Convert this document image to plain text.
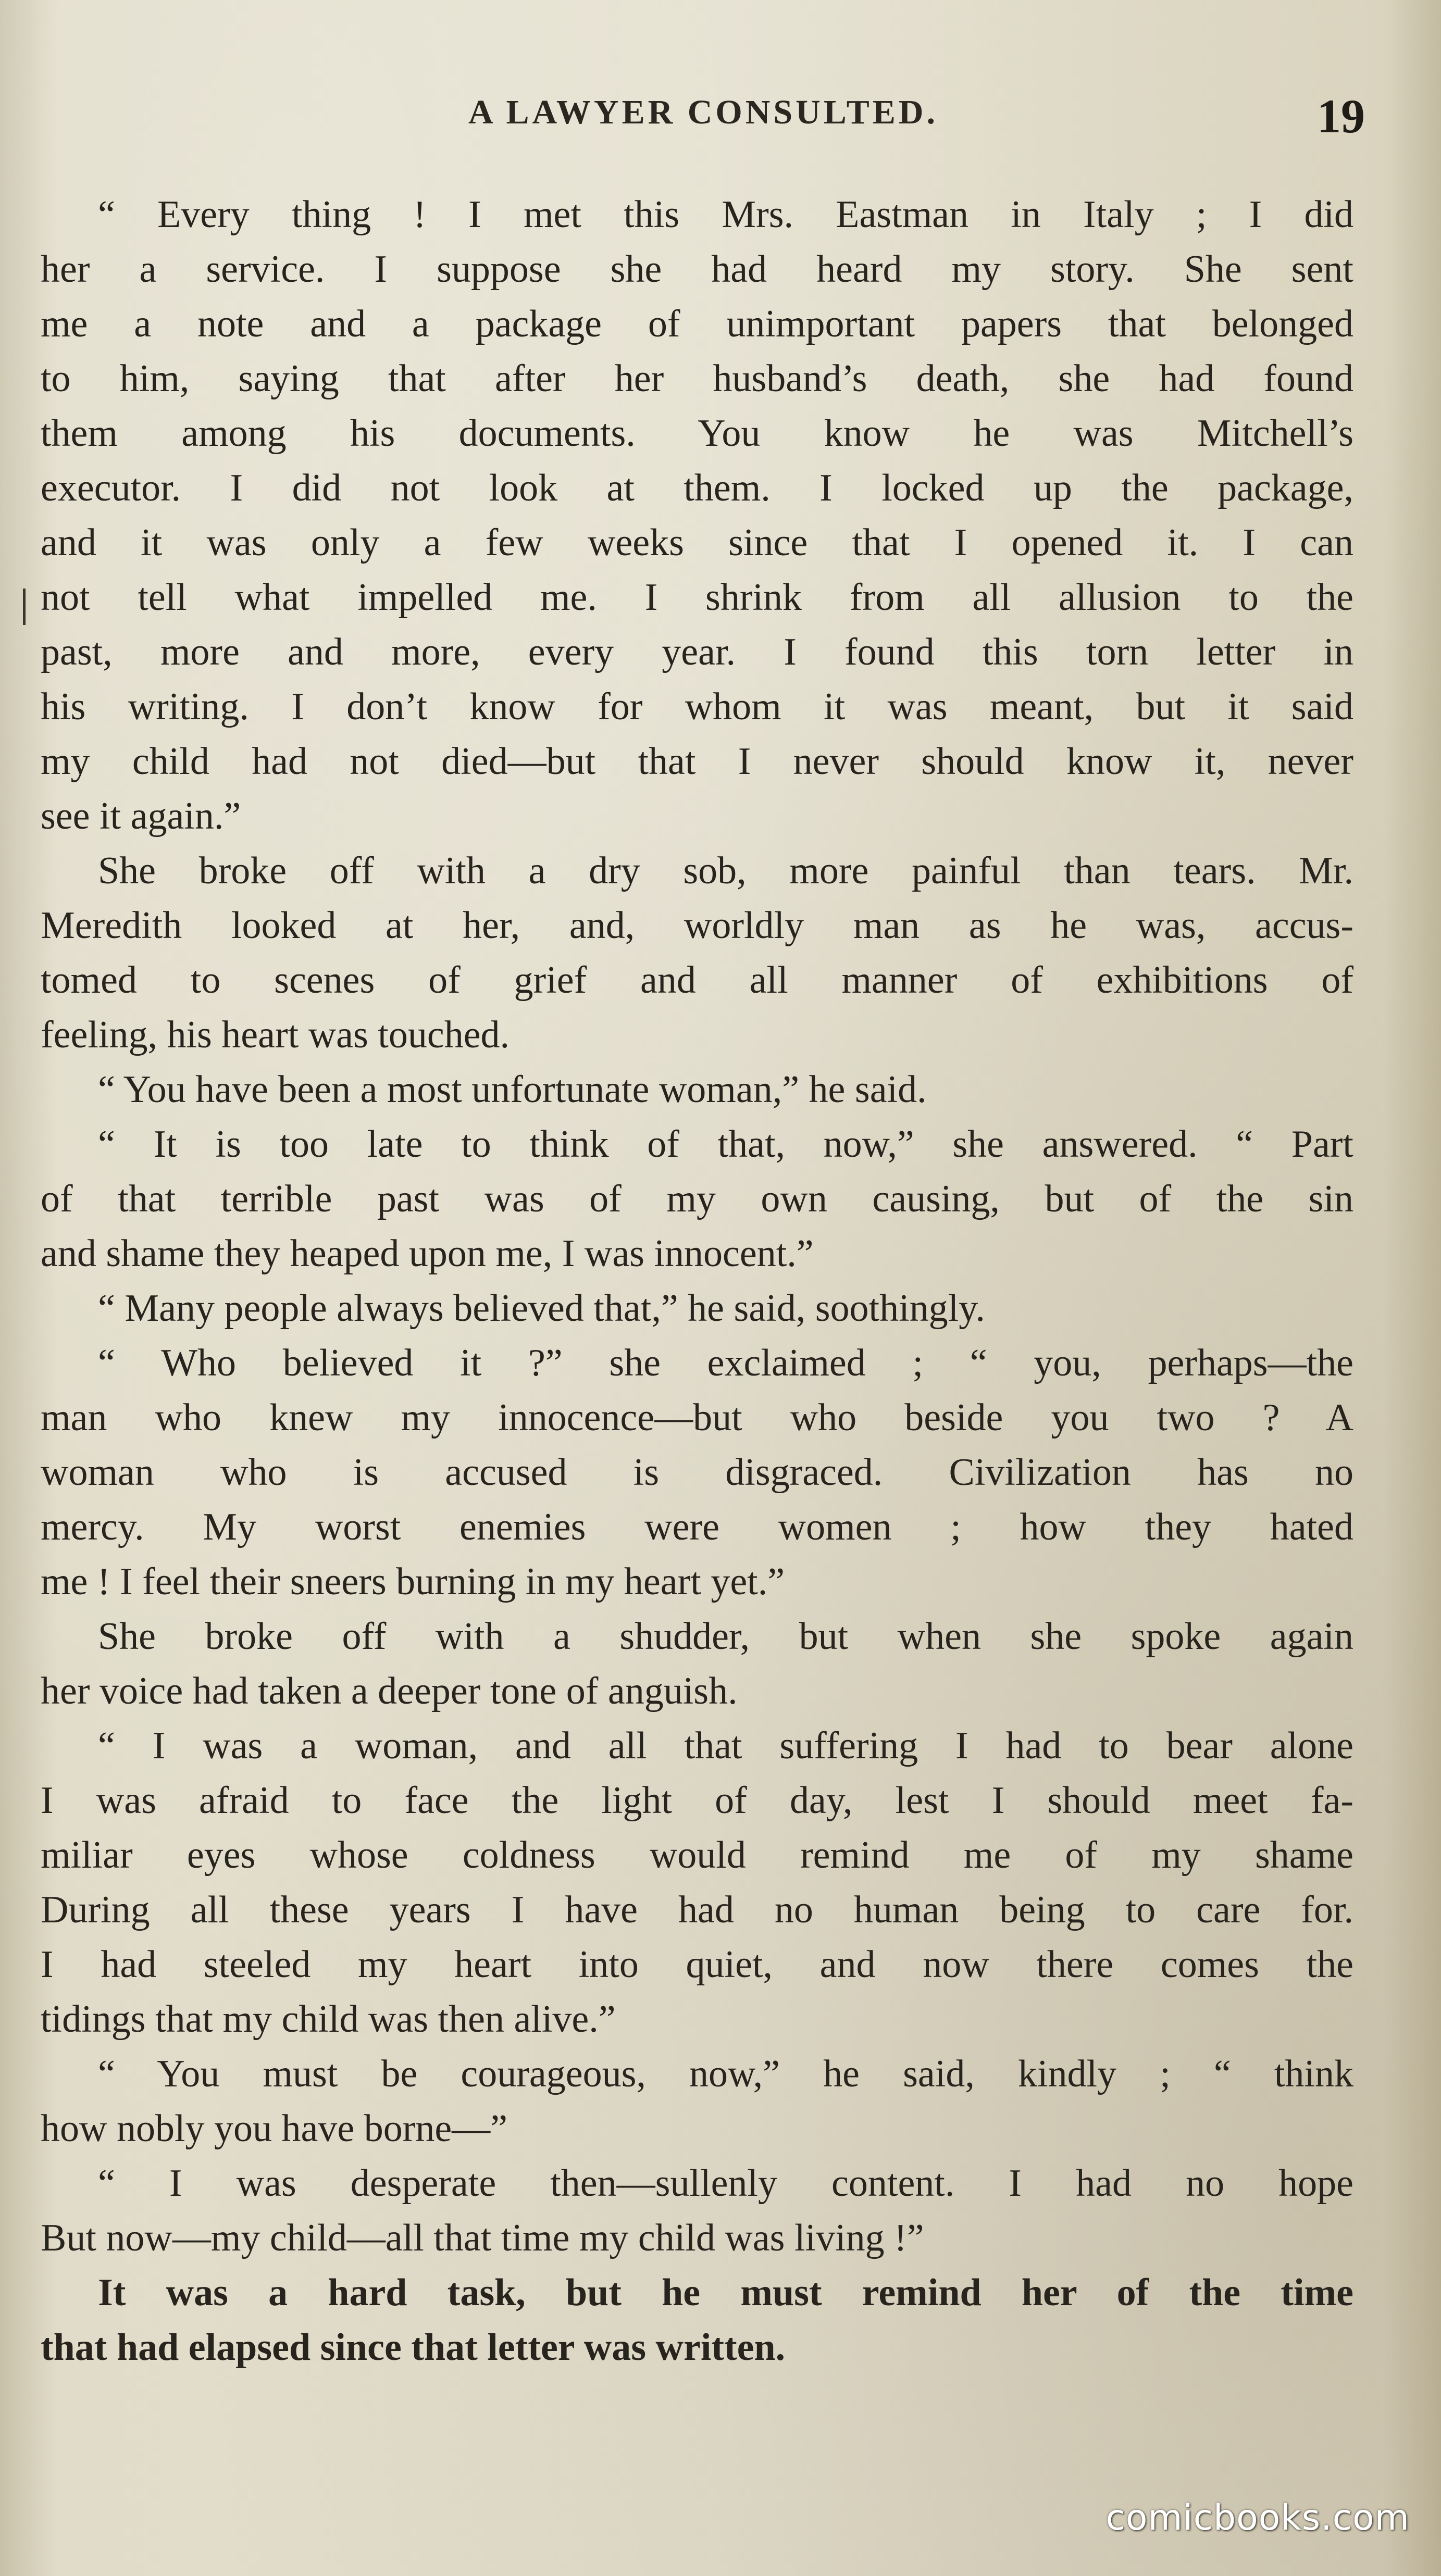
A LAWYER CONSULTED.	19
“ Every thing ! I met this Mrs. Eastman in Italy ; I did
her a service. I suppose she had heard my story. She sent
me a note and a package of unimportant papers that belonged
to him, saying that after her husband’s death, she had found
them among his documents. You know he was Mitchell’s
executor. I did not look at them. I locked up the package,
and it was only a few weeks since that I opened it. I can
not tell what impelled me. I shrink from all allusion to the
past, more and more, every year. I found this torn letter in
his writing. I don’t know for whom it was meant, but it said
my child had not died—but that I never should know it, never
see it again.”
She broke off with a dry sob, more painful than tears. Mr.
Meredith looked at her, and, worldly man as he was, accus-
tomed to scenes of grief and all manner of exhibitions of
feeling, his heart was touched.
“ You have been a most unfortunate woman,” he said.
“ It is too late to think of that, now,” she answered. “ Part
of that terrible past was of my own causing, but of the sin
and shame they heaped upon me, I was innocent.”
“ Many people always believed that,” he said, soothingly.
“ Who believed it ?” she exclaimed ; “ you, perhaps—the
man who knew my innocence—but who beside you two ? A
woman who is accused is disgraced. Civilization has no
mercy. My worst enemies were women ; how they hated
me ! I feel their sneers burning in my heart yet.”
She broke off with a shudder, but when she spoke again
her voice had taken a deeper tone of anguish.
“ I was a woman, and all that suffering I had to bear alone
I was afraid to face the light of day, lest I should meet fa-
miliar eyes whose coldness would remind me of my shame
During all these years I have had no human being to care for.
I had steeled my heart into quiet, and now there comes the
tidings that my child was then alive.”
“ You must be courageous, now,” he said, kindly ; “ think
how nobly you have borne—”
“ I was desperate then—sullenly content. I had no hope
But now—my child—all that time my child was living !”
It was a hard task, but he must remind her of the time
that had elapsed since that letter was written.
comicbooks.com
